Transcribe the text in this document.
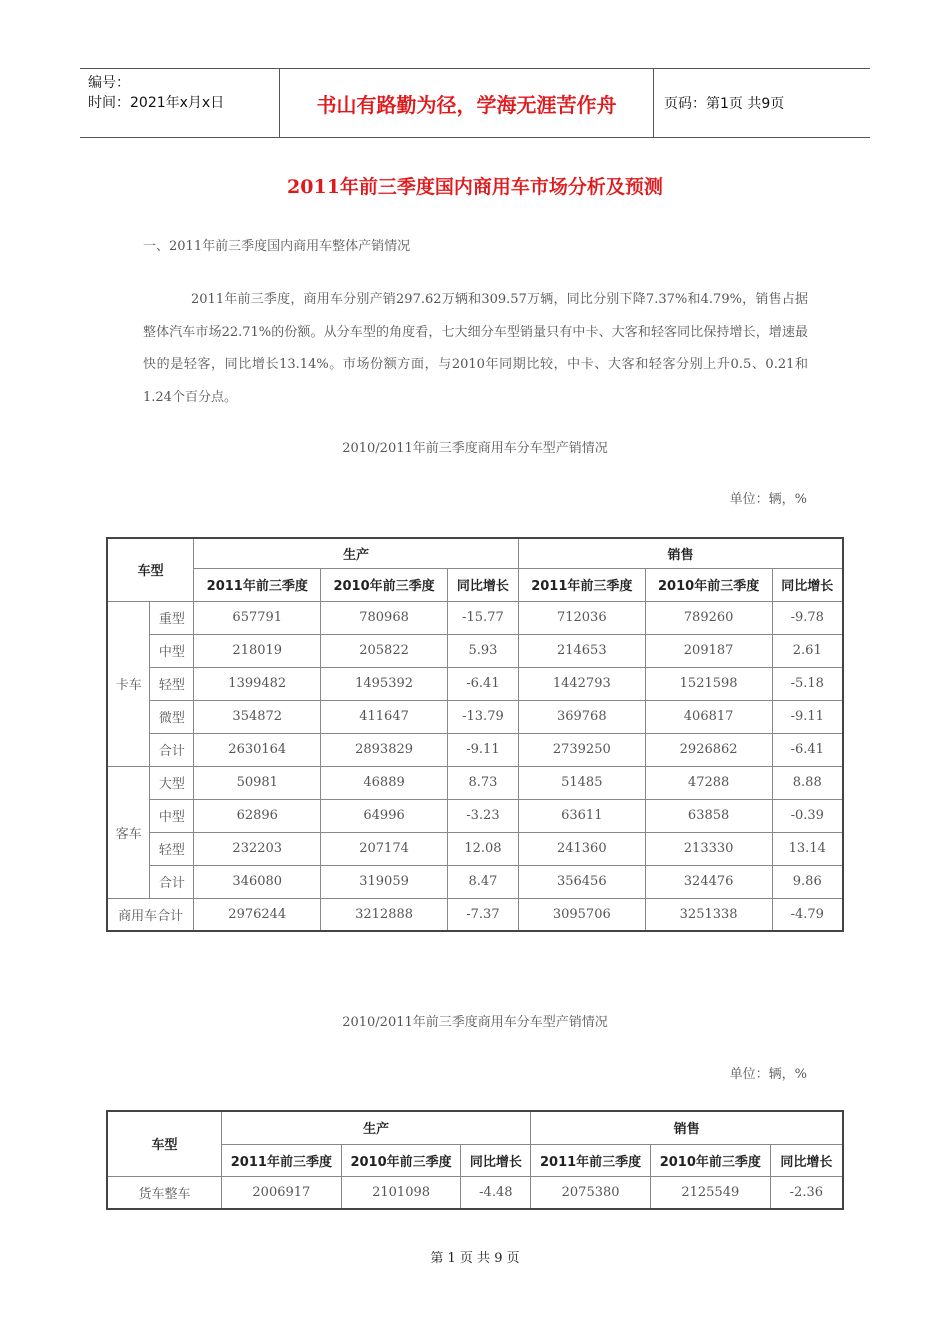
编号：
时间：2021年x月x日	书山有路勤为径，学海无涯苦作舟	页码：第1页 共9页
2011年前三季度国内商用车市场分析及预测
一、2011年前三季度国内商用车整体产销情况
2011年前三季度，商用车分别产销297.62万辆和309.57万辆，同比分别下降7.37%和4.79%，销售占据整体汽车市场22.71%的份额。从分车型的角度看，七大细分车型销量只有中卡、大客和轻客同比保持增长，增速最快的是轻客，同比增长13.14%。市场份额方面，与2010年同期比较，中卡、大客和轻客分别上升0.5、0.21和1.24个百分点。
2010/2011年前三季度商用车分车型产销情况
单位：辆，%
车型		生产			销售		
		2011年前三季度	2010年前三季度	同比增长	2011年前三季度	2010年前三季度	同比增长
卡车	重型	657791	780968	-15.77	712036	789260	-9.78
	中型	218019	205822	5.93	214653	209187	2.61
	轻型	1399482	1495392	-6.41	1442793	1521598	-5.18
	微型	354872	411647	-13.79	369768	406817	-9.11
	合计	2630164	2893829	-9.11	2739250	2926862	-6.41
客车	大型	50981	46889	8.73	51485	47288	8.88
	中型	62896	64996	-3.23	63611	63858	-0.39
	轻型	232203	207174	12.08	241360	213330	13.14
	合计	346080	319059	8.47	356456	324476	9.86
商用车合计		2976244	3212888	-7.37	3095706	3251338	-4.79
2010/2011年前三季度商用车分车型产销情况
单位：辆，%
车型	生产			销售		
	2011年前三季度	2010年前三季度	同比增长	2011年前三季度	2010年前三季度	同比增长
货车整车	2006917	2101098	-4.48	2075380	2125549	-2.36
第 1 页 共 9 页
